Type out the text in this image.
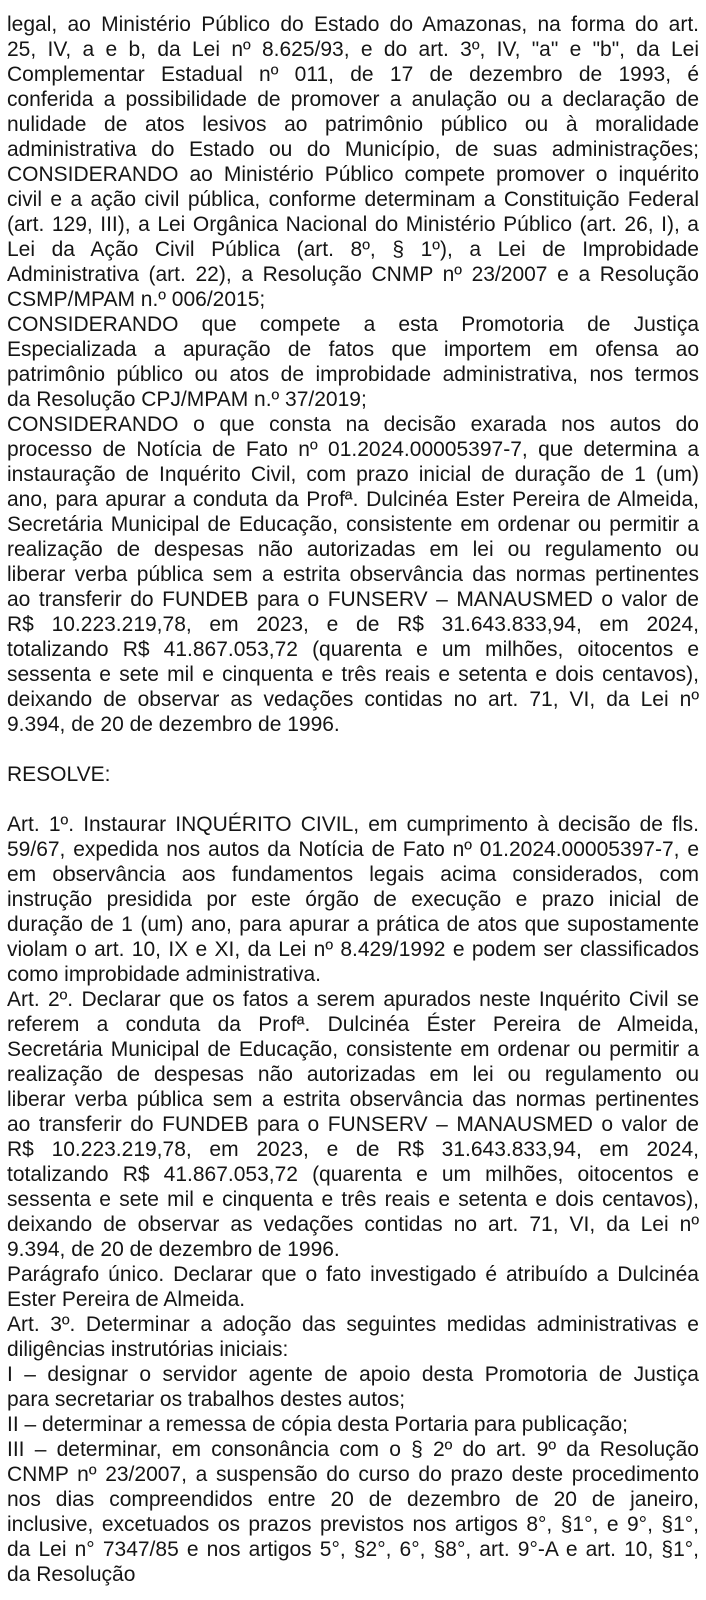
legal, ao Ministério Público do Estado do Amazonas, na forma do art.
25, IV, a e b, da Lei nº 8.625/93, e do art. 3º, IV, "a" e "b", da Lei
Complementar Estadual nº 011, de 17 de dezembro de 1993, é
conferida a possibilidade de promover a anulação ou a declaração de
nulidade de atos lesivos ao patrimônio público ou à moralidade
administrativa do Estado ou do Município, de suas administrações;
CONSIDERANDO ao Ministério Público compete promover o inquérito
civil e a ação civil pública, conforme determinam a Constituição Federal
(art. 129, III), a Lei Orgânica Nacional do Ministério Público (art. 26, I), a
Lei da Ação Civil Pública (art. 8º, § 1º), a Lei de Improbidade
Administrativa (art. 22), a Resolução CNMP nº 23/2007 e a Resolução
CSMP/MPAM n.º 006/2015;
CONSIDERANDO que compete a esta Promotoria de Justiça
Especializada a apuração de fatos que importem em ofensa ao
patrimônio público ou atos de improbidade administrativa, nos termos
da Resolução CPJ/MPAM n.º 37/2019;
CONSIDERANDO o que consta na decisão exarada nos autos do
processo de Notícia de Fato nº 01.2024.00005397-7, que determina a
instauração de Inquérito Civil, com prazo inicial de duração de 1 (um)
ano, para apurar a conduta da Profª. Dulcinéa Ester Pereira de Almeida,
Secretária Municipal de Educação, consistente em ordenar ou permitir a
realização de despesas não autorizadas em lei ou regulamento ou
liberar verba pública sem a estrita observância das normas pertinentes
ao transferir do FUNDEB para o FUNSERV – MANAUSMED o valor de
R$ 10.223.219,78, em 2023, e de R$ 31.643.833,94, em 2024,
totalizando R$ 41.867.053,72 (quarenta e um milhões, oitocentos e
sessenta e sete mil e cinquenta e três reais e setenta e dois centavos),
deixando de observar as vedações contidas no art. 71, VI, da Lei nº
9.394, de 20 de dezembro de 1996.
RESOLVE:
Art. 1º. Instaurar INQUÉRITO CIVIL, em cumprimento à decisão de fls.
59/67, expedida nos autos da Notícia de Fato nº 01.2024.00005397-7, e
em observância aos fundamentos legais acima considerados, com
instrução presidida por este órgão de execução e prazo inicial de
duração de 1 (um) ano, para apurar a prática de atos que supostamente
violam o art. 10, IX e XI, da Lei nº 8.429/1992 e podem ser classificados
como improbidade administrativa.
Art. 2º. Declarar que os fatos a serem apurados neste Inquérito Civil se
referem a conduta da Profª. Dulcinéa Éster Pereira de Almeida,
Secretária Municipal de Educação, consistente em ordenar ou permitir a
realização de despesas não autorizadas em lei ou regulamento ou
liberar verba pública sem a estrita observância das normas pertinentes
ao transferir do FUNDEB para o FUNSERV – MANAUSMED o valor de
R$ 10.223.219,78, em 2023, e de R$ 31.643.833,94, em 2024,
totalizando R$ 41.867.053,72 (quarenta e um milhões, oitocentos e
sessenta e sete mil e cinquenta e três reais e setenta e dois centavos),
deixando de observar as vedações contidas no art. 71, VI, da Lei nº
9.394, de 20 de dezembro de 1996.
Parágrafo único. Declarar que o fato investigado é atribuído a Dulcinéa
Ester Pereira de Almeida.
Art. 3º. Determinar a adoção das seguintes medidas administrativas e
diligências instrutórias iniciais:
I – designar o servidor agente de apoio desta Promotoria de Justiça
para secretariar os trabalhos destes autos;
II – determinar a remessa de cópia desta Portaria para publicação;
III – determinar, em consonância com o § 2º do art. 9º da Resolução
CNMP nº 23/2007, a suspensão do curso do prazo deste procedimento
nos dias compreendidos entre 20 de dezembro de 20 de janeiro,
inclusive, excetuados os prazos previstos nos artigos 8°, §1°, e 9°, §1°,
da Lei n° 7347/85 e nos artigos 5°, §2°, 6°, §8°, art. 9°-A e art. 10, §1°,
da Resolução
